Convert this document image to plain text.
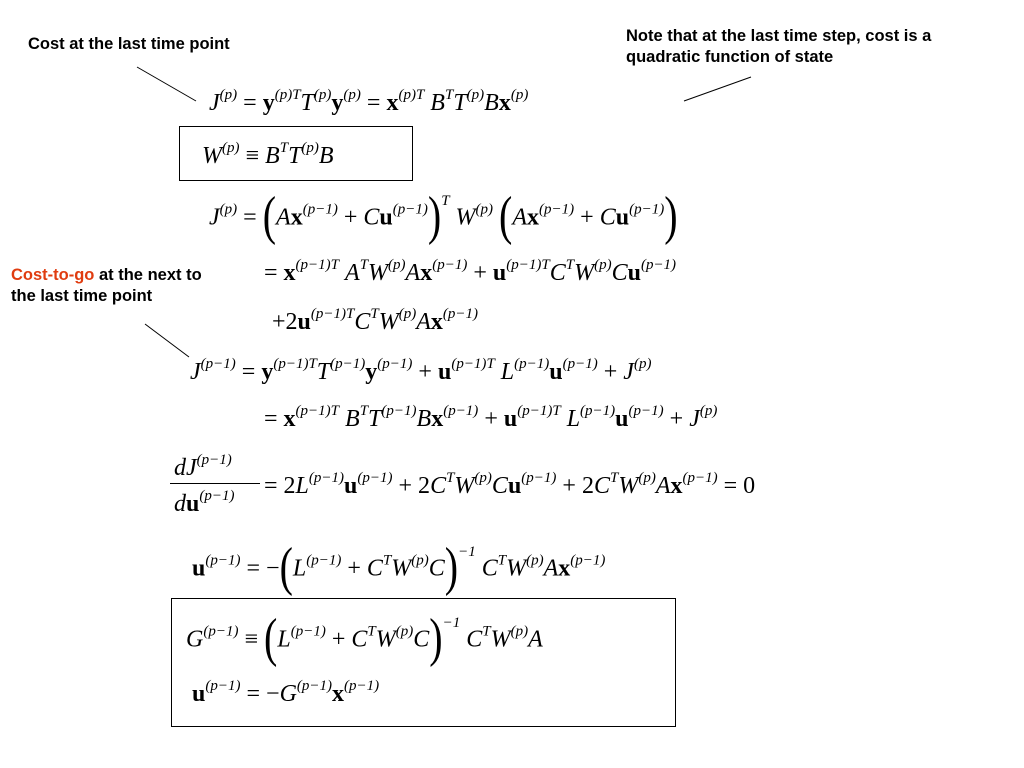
Cost at the last time point	Note that at the last time step, cost is a quadratic function of state
Cost-to-go at the next to the last time point
$J^{(p)} = y^{(p)T}T^{(p)}y^{(p)} = x^{(p)T}$ $B^TT^{(p)}Bx^{(p)}$
$W^{(p)} \equiv B^TT^{(p)}B$
$J^{(p)} = (Ax^{(p-1)} + Cu^{(p-1)})^T$ $W^{(p)}$ $(Ax^{(p-1)} + Cu^{(p-1)})$
= $x^{(p-1)T}$ $A^TW^{(p)}Ax^{(p-1)} + u^{(p-1)T}C^TW^{(p)}Cu^{(p-1)}$
$+2u^{(p-1)T}C^TW^{(p)}Ax^{(p-1)}$
$J^{(p-1)} = y^{(p-1)T}T^{(p-1)}y^{(p-1)} + u^{(p-1)T}$ $L^{(p-1)}u^{(p-1)} + J^{(p)}$
= $x^{(p-1)T}$ $B^TT^{(p-1)}Bx^{(p-1)} + u^{(p-1)T}$ $L^{(p-1)}u^{(p-1)} + J^{(p)}$
$dJ^{(p-1)}$
$du^{(p-1)} = 2L^{(p-1)}u^{(p-1)} + 2C^TW^{(p)}Cu^{(p-1)} + 2C^TW^{(p)}Ax^{(p-1)} = 0$
$u^{(p-1)} = -(L^{(p-1)} + C^TW^{(p)}C)^{-1}$ $C^TW^{(p)}Ax^{(p-1)}$
$G^{(p-1)} \equiv (L^{(p-1)} + C^TW^{(p)}C)^{-1}$ $C^TW^{(p)}A$
$u^{(p-1)} = -G^{(p-1)}x^{(p-1)}$
